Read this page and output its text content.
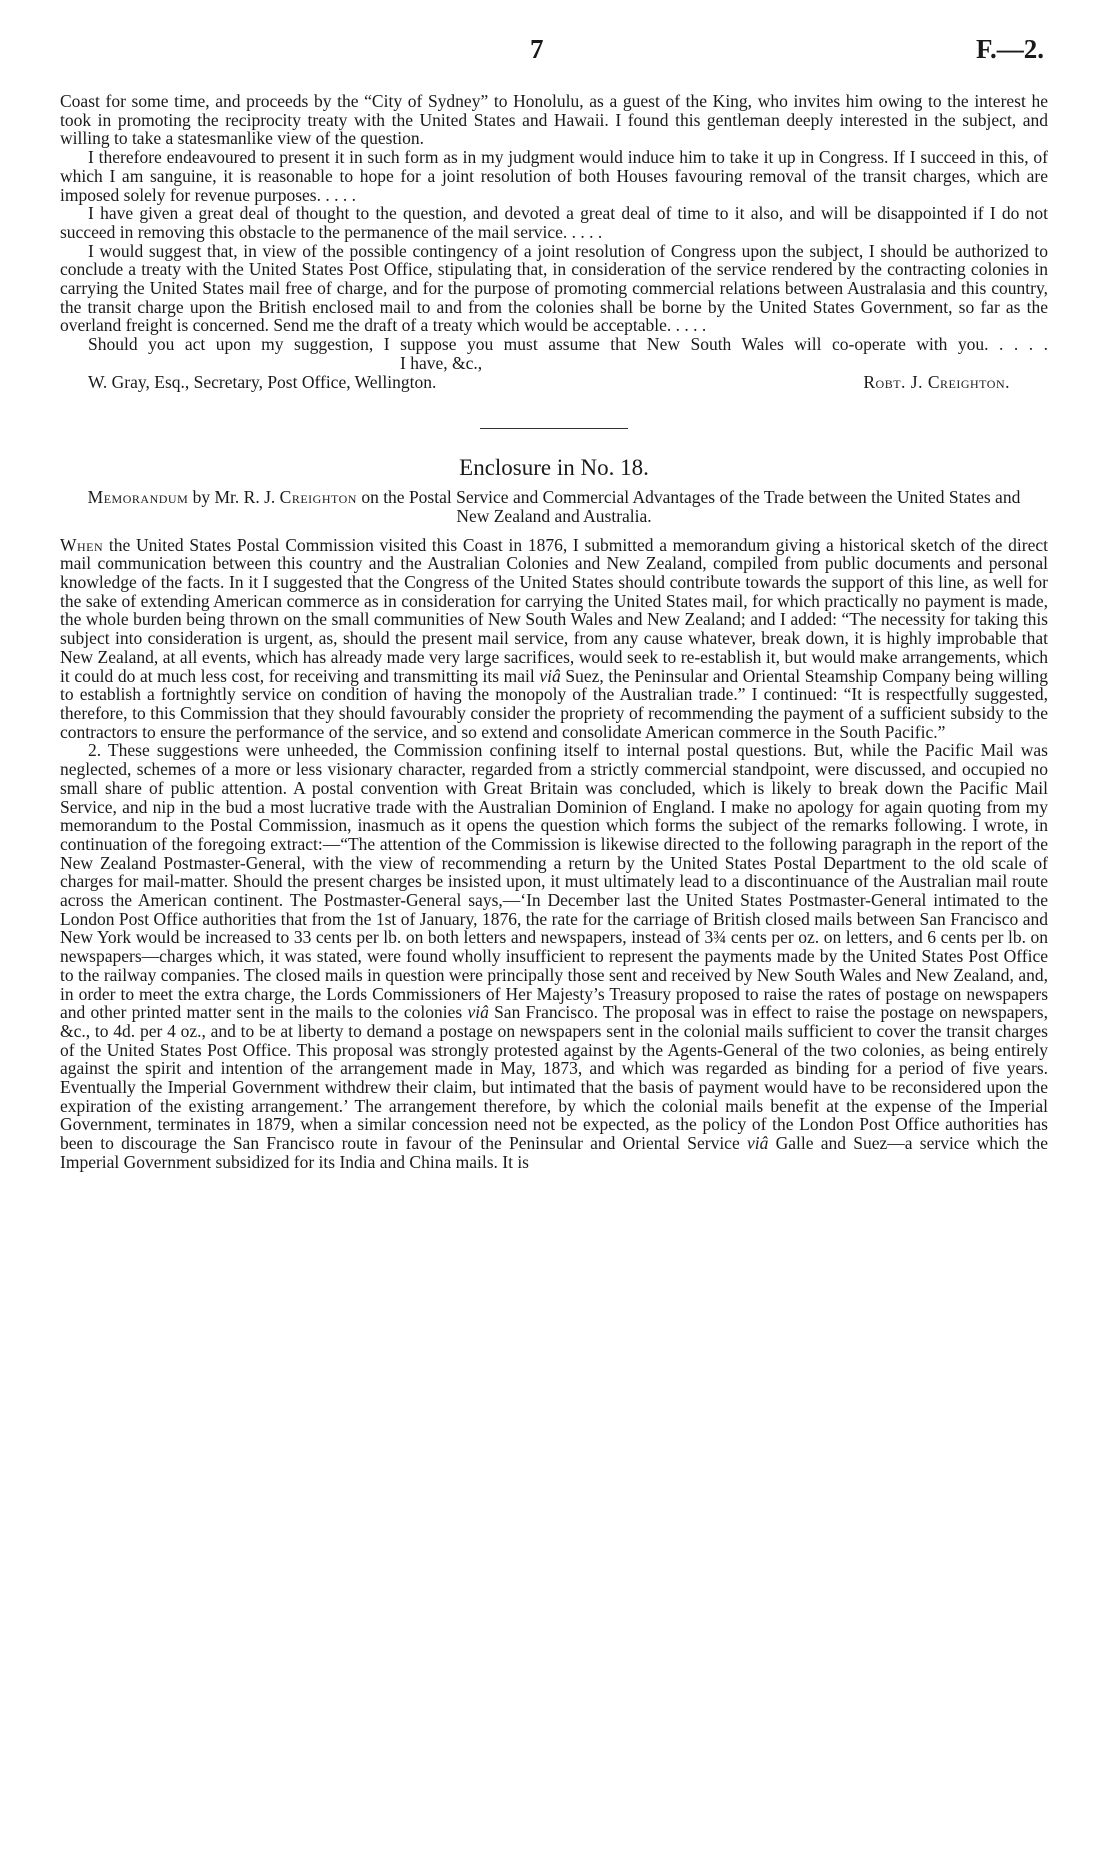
7	F.—2.

Coast for some time, and proceeds by the “City of Sydney” to Honolulu, as a guest of the King, who invites him owing to the interest he took in promoting the reciprocity treaty with the United States and Hawaii. I found this gentleman deeply interested in the subject, and willing to take a statesmanlike view of the question.

I therefore endeavoured to present it in such form as in my judgment would induce him to take it up in Congress. If I succeed in this, of which I am sanguine, it is reasonable to hope for a joint resolution of both Houses favouring removal of the transit charges, which are imposed solely for revenue purposes. . . . .

I have given a great deal of thought to the question, and devoted a great deal of time to it also, and will be disappointed if I do not succeed in removing this obstacle to the permanence of the mail service. . . . .

I would suggest that, in view of the possible contingency of a joint resolution of Congress upon the subject, I should be authorized to conclude a treaty with the United States Post Office, stipulating that, in consideration of the service rendered by the contracting colonies in carrying the United States mail free of charge, and for the purpose of promoting commercial relations between Australasia and this country, the transit charge upon the British enclosed mail to and from the colonies shall be borne by the United States Government, so far as the overland freight is concerned. Send me the draft of a treaty which would be acceptable. . . . .

Should you act upon my suggestion, I suppose you must assume that New South Wales will co-operate with you. . . . . I have, &c.,

W. Gray, Esq., Secretary, Post Office, Wellington.	Robt. J. Creighton.
Enclosure in No. 18.
Memorandum by Mr. R. J. Creighton on the Postal Service and Commercial Advantages of the Trade between the United States and New Zealand and Australia.

When the United States Postal Commission visited this Coast in 1876, I submitted a memorandum giving a historical sketch of the direct mail communication between this country and the Australian Colonies and New Zealand, compiled from public documents and personal knowledge of the facts. In it I suggested that the Congress of the United States should contribute towards the support of this line, as well for the sake of extending American commerce as in consideration for carrying the United States mail, for which practically no payment is made, the whole burden being thrown on the small communities of New South Wales and New Zealand; and I added: “The necessity for taking this subject into consideration is urgent, as, should the present mail service, from any cause whatever, break down, it is highly improbable that New Zealand, at all events, which has already made very large sacrifices, would seek to re-establish it, but would make arrangements, which it could do at much less cost, for receiving and transmitting its mail viâ Suez, the Peninsular and Oriental Steamship Company being willing to establish a fortnightly service on condition of having the monopoly of the Australian trade.” I continued: “It is respectfully suggested, therefore, to this Commission that they should favourably consider the propriety of recommending the payment of a sufficient subsidy to the contractors to ensure the performance of the service, and so extend and consolidate American commerce in the South Pacific.”

2. These suggestions were unheeded, the Commission confining itself to internal postal questions. But, while the Pacific Mail was neglected, schemes of a more or less visionary character, regarded from a strictly commercial standpoint, were discussed, and occupied no small share of public attention. A postal convention with Great Britain was concluded, which is likely to break down the Pacific Mail Service, and nip in the bud a most lucrative trade with the Australian Dominion of England. I make no apology for again quoting from my memorandum to the Postal Commission, inasmuch as it opens the question which forms the subject of the remarks following. I wrote, in continuation of the foregoing extract:—“The attention of the Commission is likewise directed to the following paragraph in the report of the New Zealand Postmaster-General, with the view of recommending a return by the United States Postal Department to the old scale of charges for mail-matter. Should the present charges be insisted upon, it must ultimately lead to a discontinuance of the Australian mail route across the American continent. The Postmaster-General says,—‘In December last the United States Postmaster-General intimated to the London Post Office authorities that from the 1st of January, 1876, the rate for the carriage of British closed mails between San Francisco and New York would be increased to 33 cents per lb. on both letters and newspapers, instead of 3¾ cents per oz. on letters, and 6 cents per lb. on newspapers—charges which, it was stated, were found wholly insufficient to represent the payments made by the United States Post Office to the railway companies. The closed mails in question were principally those sent and received by New South Wales and New Zealand, and, in order to meet the extra charge, the Lords Commissioners of Her Majesty’s Treasury proposed to raise the rates of postage on newspapers and other printed matter sent in the mails to the colonies viâ San Francisco. The proposal was in effect to raise the postage on newspapers, &c., to 4d. per 4 oz., and to be at liberty to demand a postage on newspapers sent in the colonial mails sufficient to cover the transit charges of the United States Post Office. This proposal was strongly protested against by the Agents-General of the two colonies, as being entirely against the spirit and intention of the arrangement made in May, 1873, and which was regarded as binding for a period of five years. Eventually the Imperial Government withdrew their claim, but intimated that the basis of payment would have to be reconsidered upon the expiration of the existing arrangement.’ The arrangement therefore, by which the colonial mails benefit at the expense of the Imperial Government, terminates in 1879, when a similar concession need not be expected, as the policy of the London Post Office authorities has been to discourage the San Francisco route in favour of the Peninsular and Oriental Service viâ Galle and Suez—a service which the Imperial Government subsidized for its India and China mails. It is
